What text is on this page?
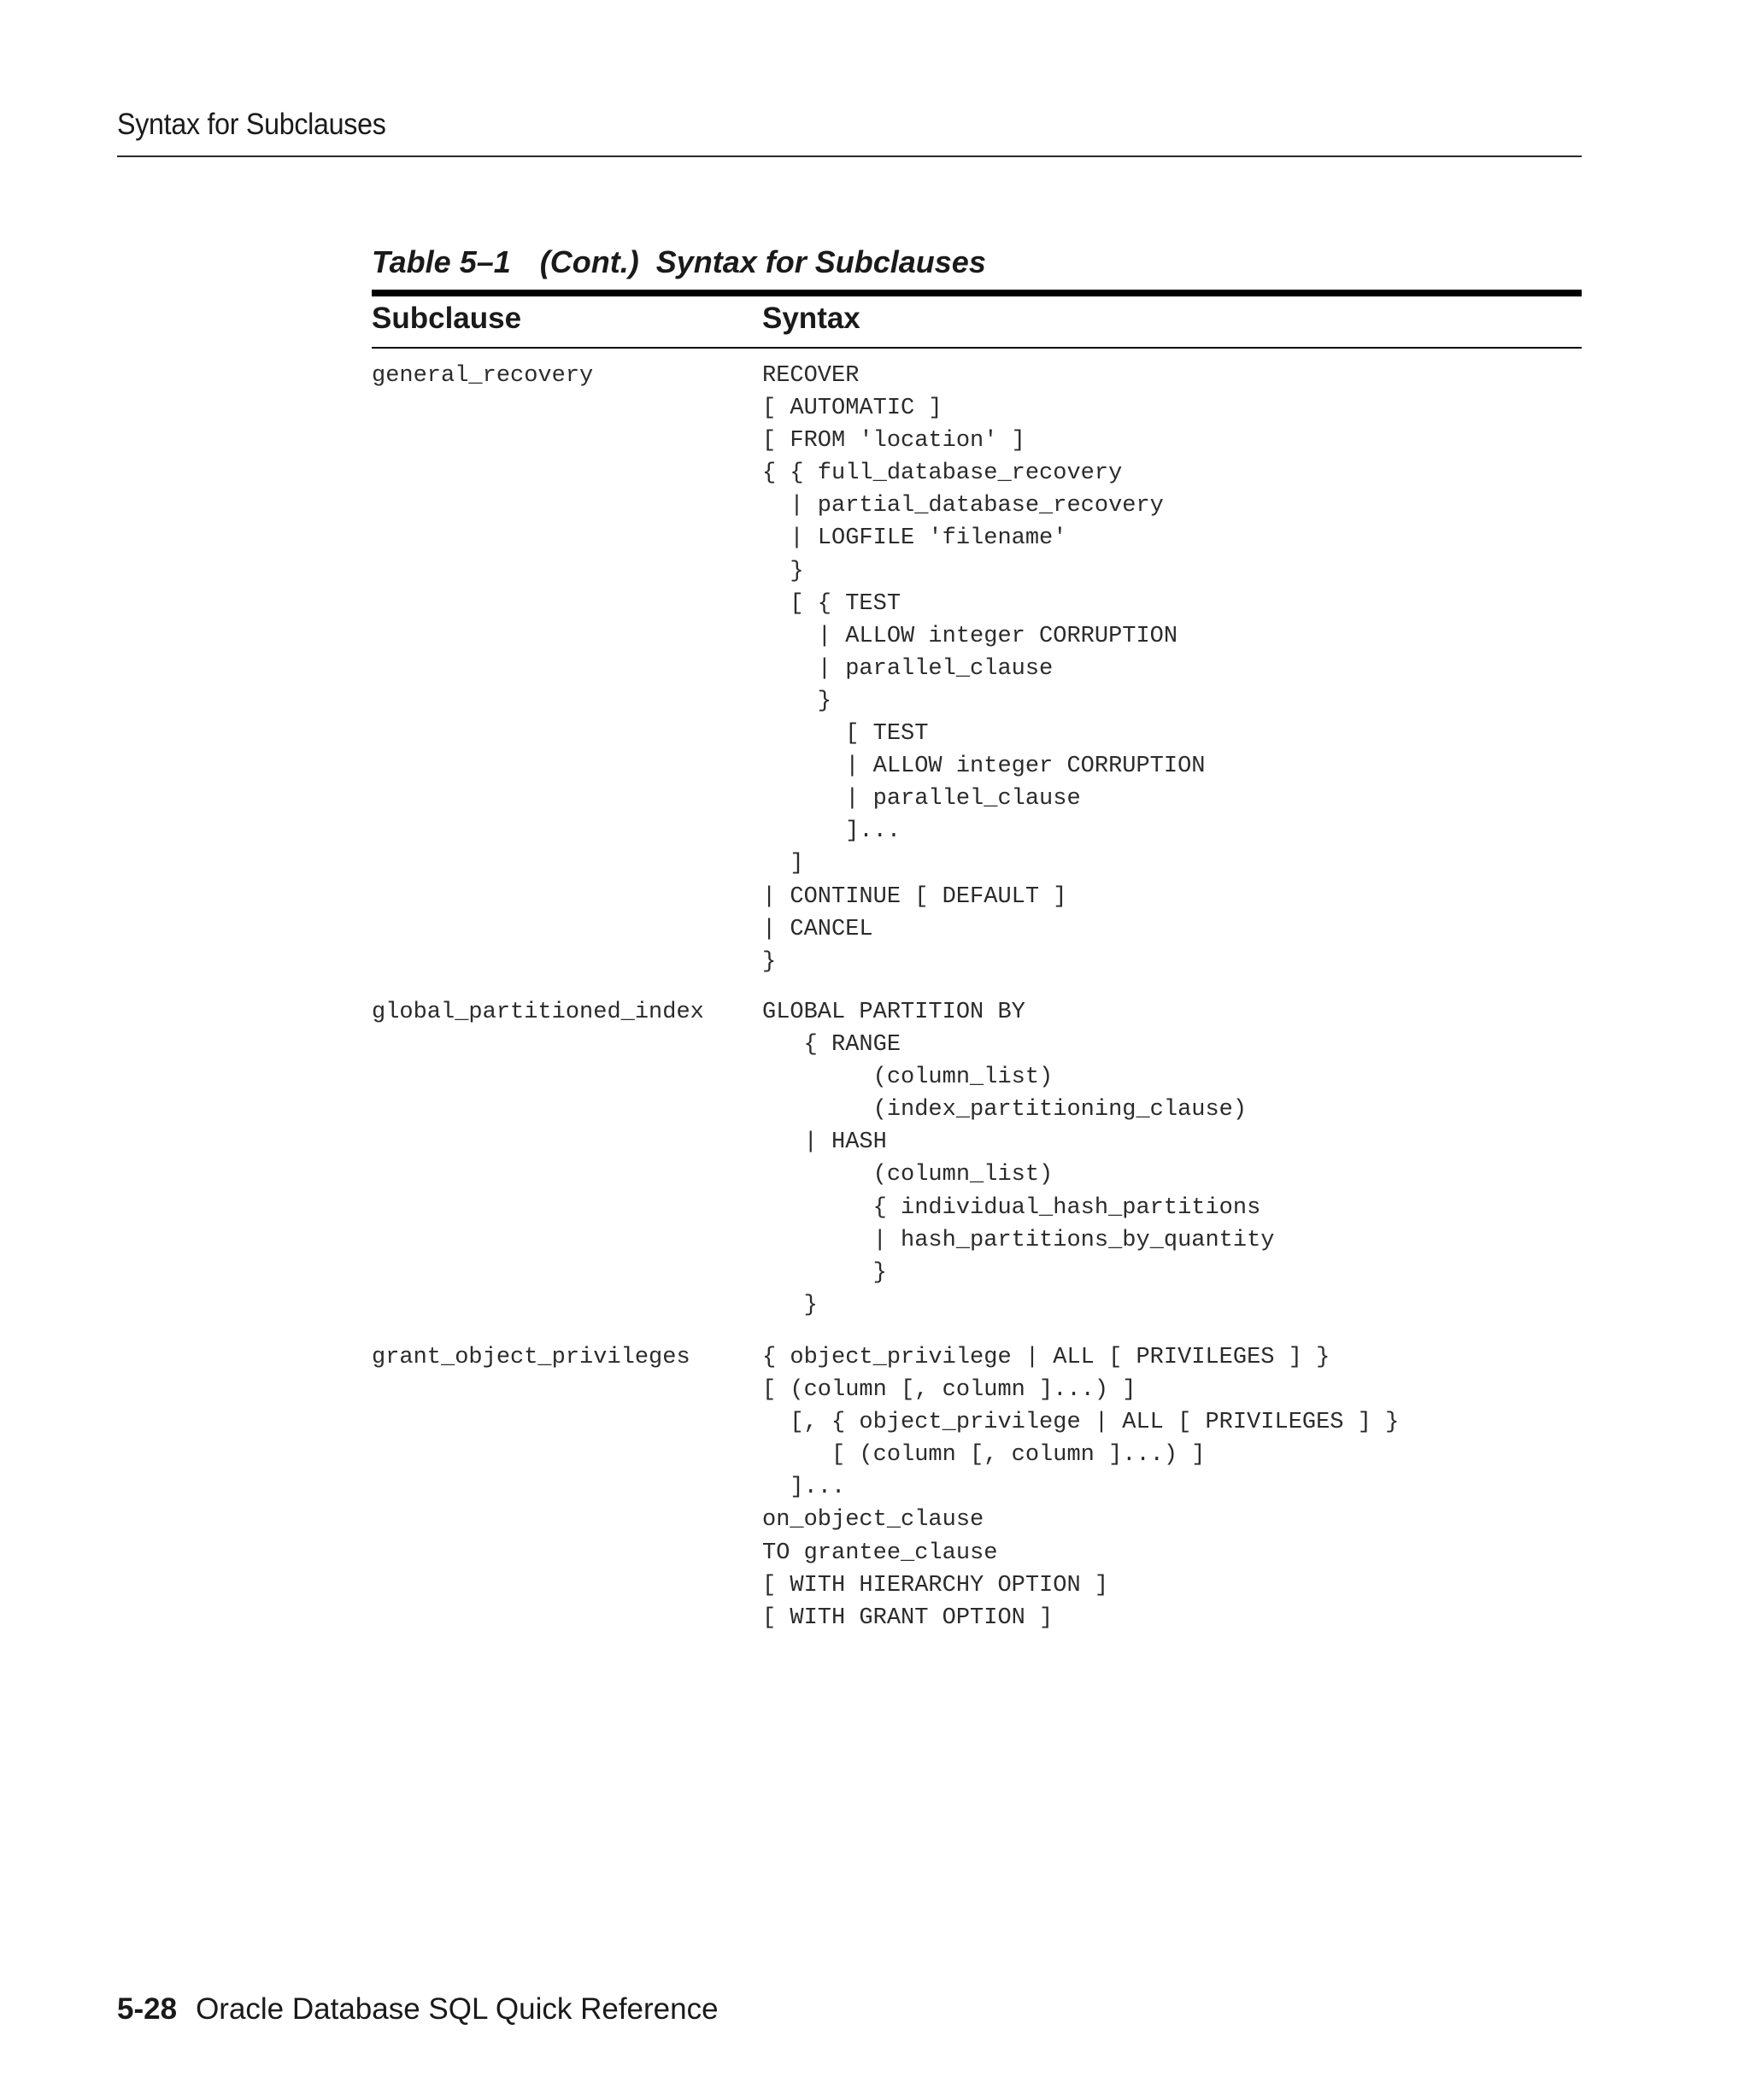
Syntax for Subclauses
Table 5–1 (Cont.)  Syntax for Subclauses
Subclause	Syntax
general_recovery	RECOVER
[ AUTOMATIC ]
[ FROM 'location' ]
{ { full_database_recovery
| partial_database_recovery
| LOGFILE 'filename'
}
[ { TEST
| ALLOW integer CORRUPTION
| parallel_clause
}
[ TEST
| ALLOW integer CORRUPTION
| parallel_clause
]...
]
| CONTINUE [ DEFAULT ]
| CANCEL
}
global_partitioned_index	GLOBAL PARTITION BY
{ RANGE
(column_list)
(index_partitioning_clause)
| HASH
(column_list)
{ individual_hash_partitions
| hash_partitions_by_quantity
}
}
grant_object_privileges	{ object_privilege | ALL [ PRIVILEGES ] }
[ (column [, column ]...) ]
[, { object_privilege | ALL [ PRIVILEGES ] }
[ (column [, column ]...) ]
]...
on_object_clause
TO grantee_clause
[ WITH HIERARCHY OPTION ]
[ WITH GRANT OPTION ]
5-28 Oracle Database SQL Quick Reference
